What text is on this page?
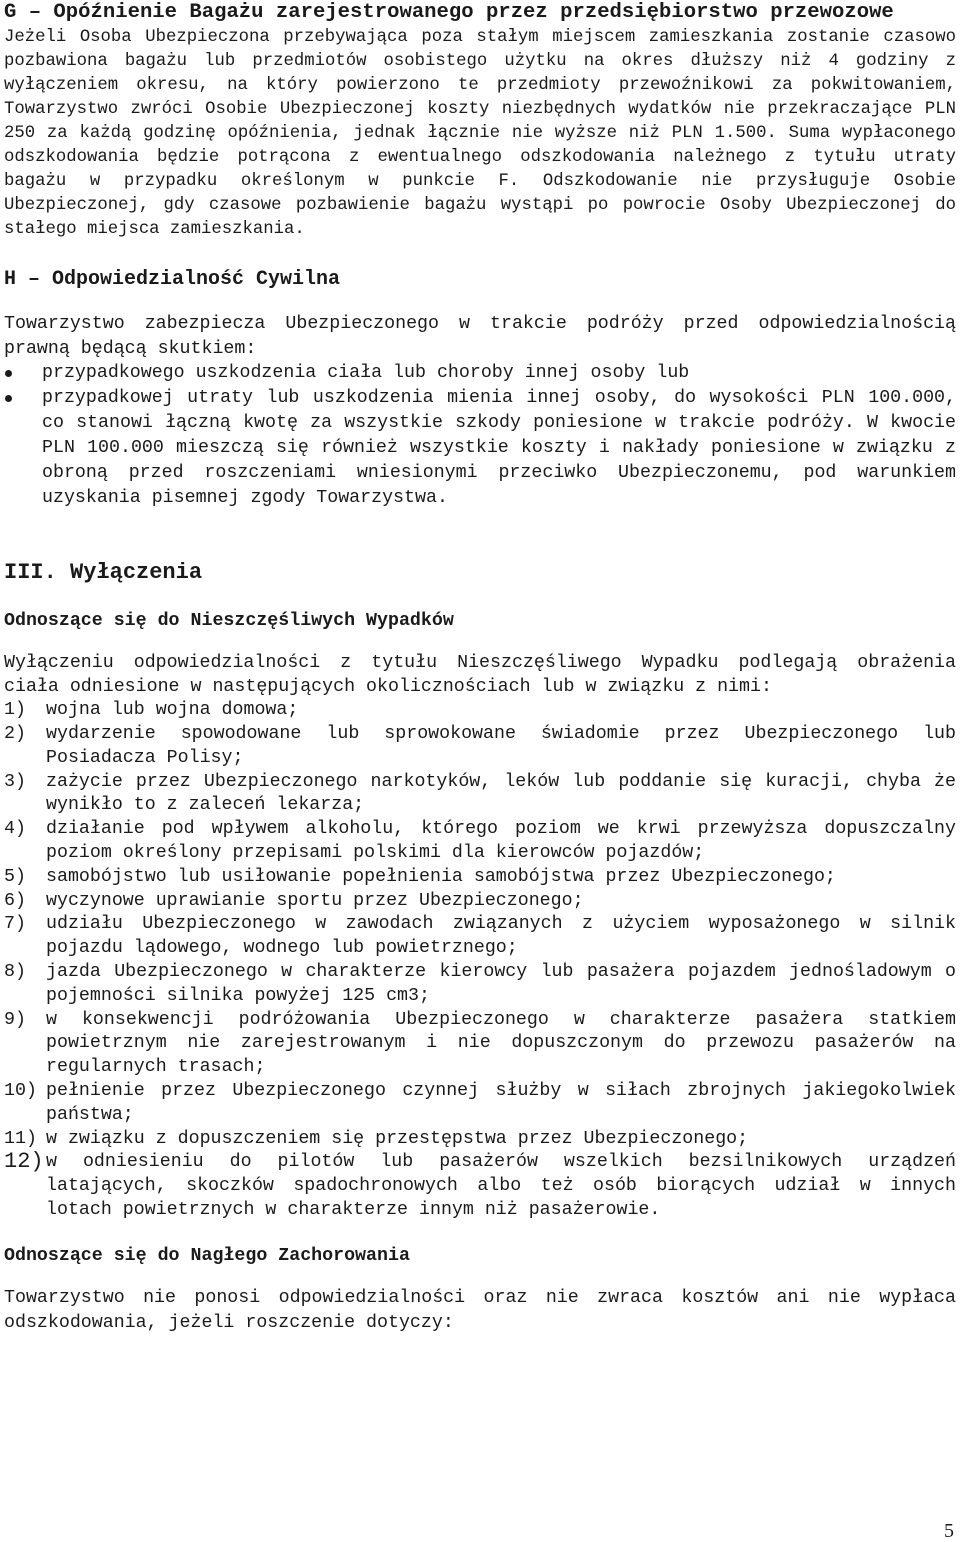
G – Opóźnienie Bagażu zarejestrowanego przez przedsiębiorstwo przewozowe

Jeżeli Osoba Ubezpieczona przebywająca poza stałym miejscem zamieszkania zostanie czasowo pozbawiona bagażu lub przedmiotów osobistego użytku na okres dłuższy niż 4 godziny z wyłączeniem okresu, na który powierzono te przedmioty przewoźnikowi za pokwitowaniem, Towarzystwo zwróci Osobie Ubezpieczonej koszty niezbędnych wydatków nie przekraczające PLN 250 za każdą godzinę opóźnienia, jednak łącznie nie wyższe niż PLN 1.500. Suma wypłaconego odszkodowania będzie potrącona z ewentualnego odszkodowania należnego z tytułu utraty bagażu w przypadku określonym w punkcie F. Odszkodowanie nie przysługuje Osobie Ubezpieczonej, gdy czasowe pozbawienie bagażu wystąpi po powrocie Osoby Ubezpieczonej do stałego miejsca zamieszkania.

H – Odpowiedzialność Cywilna

Towarzystwo zabezpiecza Ubezpieczonego w trakcie podróży przed odpowiedzialnością prawną będącą skutkiem:

przypadkowego uszkodzenia ciała lub choroby innej osoby lub
przypadkowej utraty lub uszkodzenia mienia innej osoby, do wysokości PLN 100.000, co stanowi łączną kwotę za wszystkie szkody poniesione w trakcie podróży. W kwocie PLN 100.000 mieszczą się również wszystkie koszty i nakłady poniesione w związku z obroną przed roszczeniami wniesionymi przeciwko Ubezpieczonemu, pod warunkiem uzyskania pisemnej zgody Towarzystwa.

III. Wyłączenia

Odnoszące się do Nieszczęśliwych Wypadków

Wyłączeniu odpowiedzialności z tytułu Nieszczęśliwego Wypadku podlegają obrażenia ciała odniesione w następujących okolicznościach lub w związku z nimi:

1) wojna lub wojna domowa;
2) wydarzenie spowodowane lub sprowokowane świadomie przez Ubezpieczonego lub Posiadacza Polisy;
3) zażycie przez Ubezpieczonego narkotyków, leków lub poddanie się kuracji, chyba że wynikło to z zaleceń lekarza;
4) działanie pod wpływem alkoholu, którego poziom we krwi przewyższa dopuszczalny poziom określony przepisami polskimi dla kierowców pojazdów;
5) samobójstwo lub usiłowanie popełnienia samobójstwa przez Ubezpieczonego;
6) wyczynowe uprawianie sportu przez Ubezpieczonego;
7) udziału Ubezpieczonego w zawodach związanych z użyciem wyposażonego w silnik pojazdu lądowego, wodnego lub powietrznego;
8) jazda Ubezpieczonego w charakterze kierowcy lub pasażera pojazdem jednośladowym o pojemności silnika powyżej 125 cm3;
9) w konsekwencji podróżowania Ubezpieczonego w charakterze pasażera statkiem powietrznym nie zarejestrowanym i nie dopuszczonym do przewozu pasażerów na regularnych trasach;
10) pełnienie przez Ubezpieczonego czynnej służby w siłach zbrojnych jakiegokolwiek państwa;
11) w związku z dopuszczeniem się przestępstwa przez Ubezpieczonego;
12) w odniesieniu do pilotów lub pasażerów wszelkich bezsilnikowych urządzeń latających, skoczków spadochronowych albo też osób biorących udział w innych lotach powietrznych w charakterze innym niż pasażerowie.

Odnoszące się do Nagłego Zachorowania

Towarzystwo nie ponosi odpowiedzialności oraz nie zwraca kosztów ani nie wypłaca odszkodowania, jeżeli roszczenie dotyczy:

5
